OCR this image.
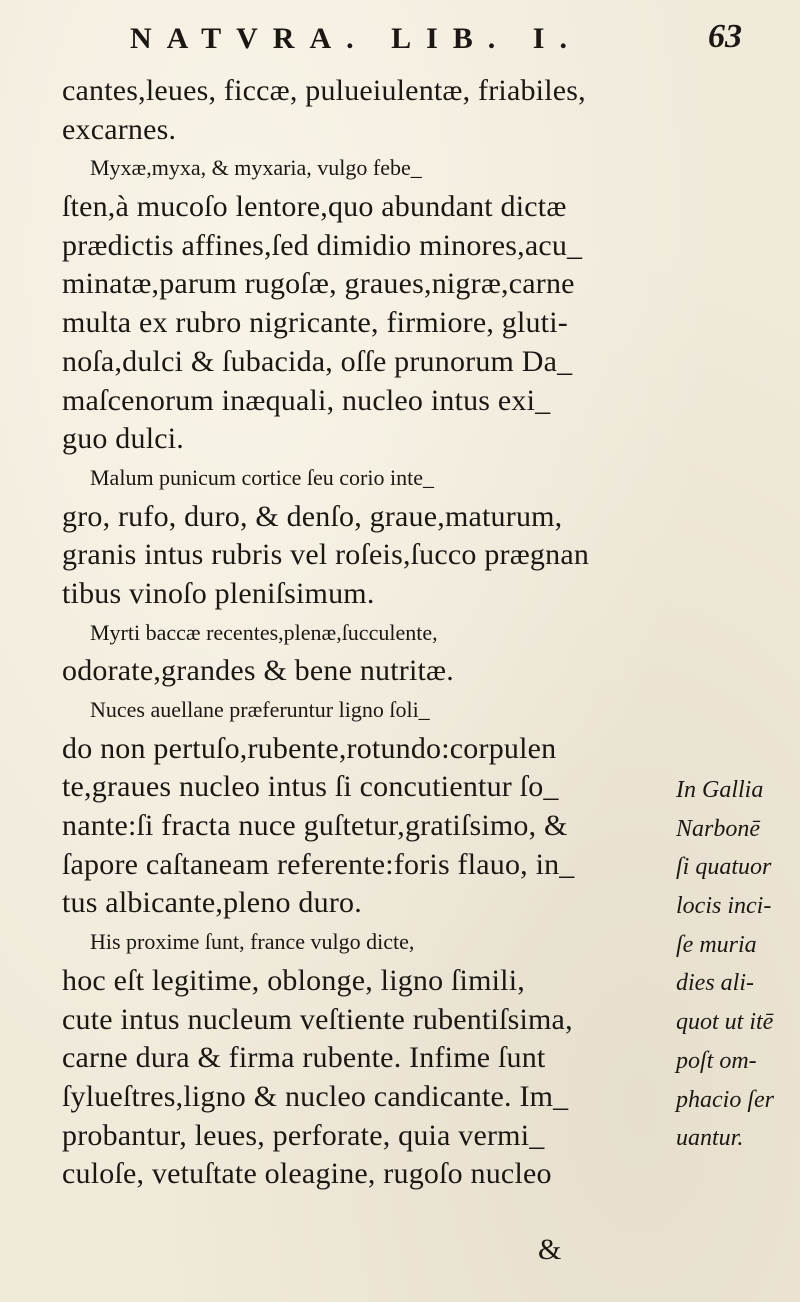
NATVRA. LIB. I.	63
cantes,leues, ficcæ, pulueiulentæ, friabiles,
excarnes.
Myxæ,myxa, & myxaria, vulgo febe_
ſten,à mucoſo lentore,quo abundant dictæ
prædictis affines,ſed dimidio minores,acu_
minatæ,parum rugoſæ, graues,nigræ,carne
multa ex rubro nigricante, firmiore, gluti-
noſa,dulci & ſubacida, oſſe prunorum Da_
maſcenorum inæquali, nucleo intus exi_
guo dulci.
Malum punicum cortice ſeu corio inte_
gro, rufo, duro, & denſo, graue,maturum,
granis intus rubris vel roſeis,ſucco prægnan
tibus vinoſo pleniſsimum.
Myrti baccæ recentes,plenæ,ſucculente,
odorate,grandes & bene nutritæ.
Nuces auellane præferuntur ligno ſoli_
do non pertuſo,rubente,rotundo:corpulen
te,graues nucleo intus ſi concutientur ſo_
nante:ſi fracta nuce guſtetur,gratiſsimo, &
ſapore caſtaneam referente:foris flauo, in_
tus albicante,pleno duro.
His proxime ſunt, france vulgo dicte,
hoc eſt legitime, oblonge, ligno ſimili,
cute intus nucleum veſtiente rubentiſsima,
carne dura & firma rubente. Infime ſunt
ſylueſtres,ligno & nucleo candicante. Im_
probantur, leues, perforate, quia vermi_
culoſe, vetuſtate oleagine, rugoſo nucleo
In Gallia
Narbonē
ſi quatuor
locis inci-
ſe muria
dies ali-
quot ut itē
poſt om-
phacio ſer
uantur.
&
